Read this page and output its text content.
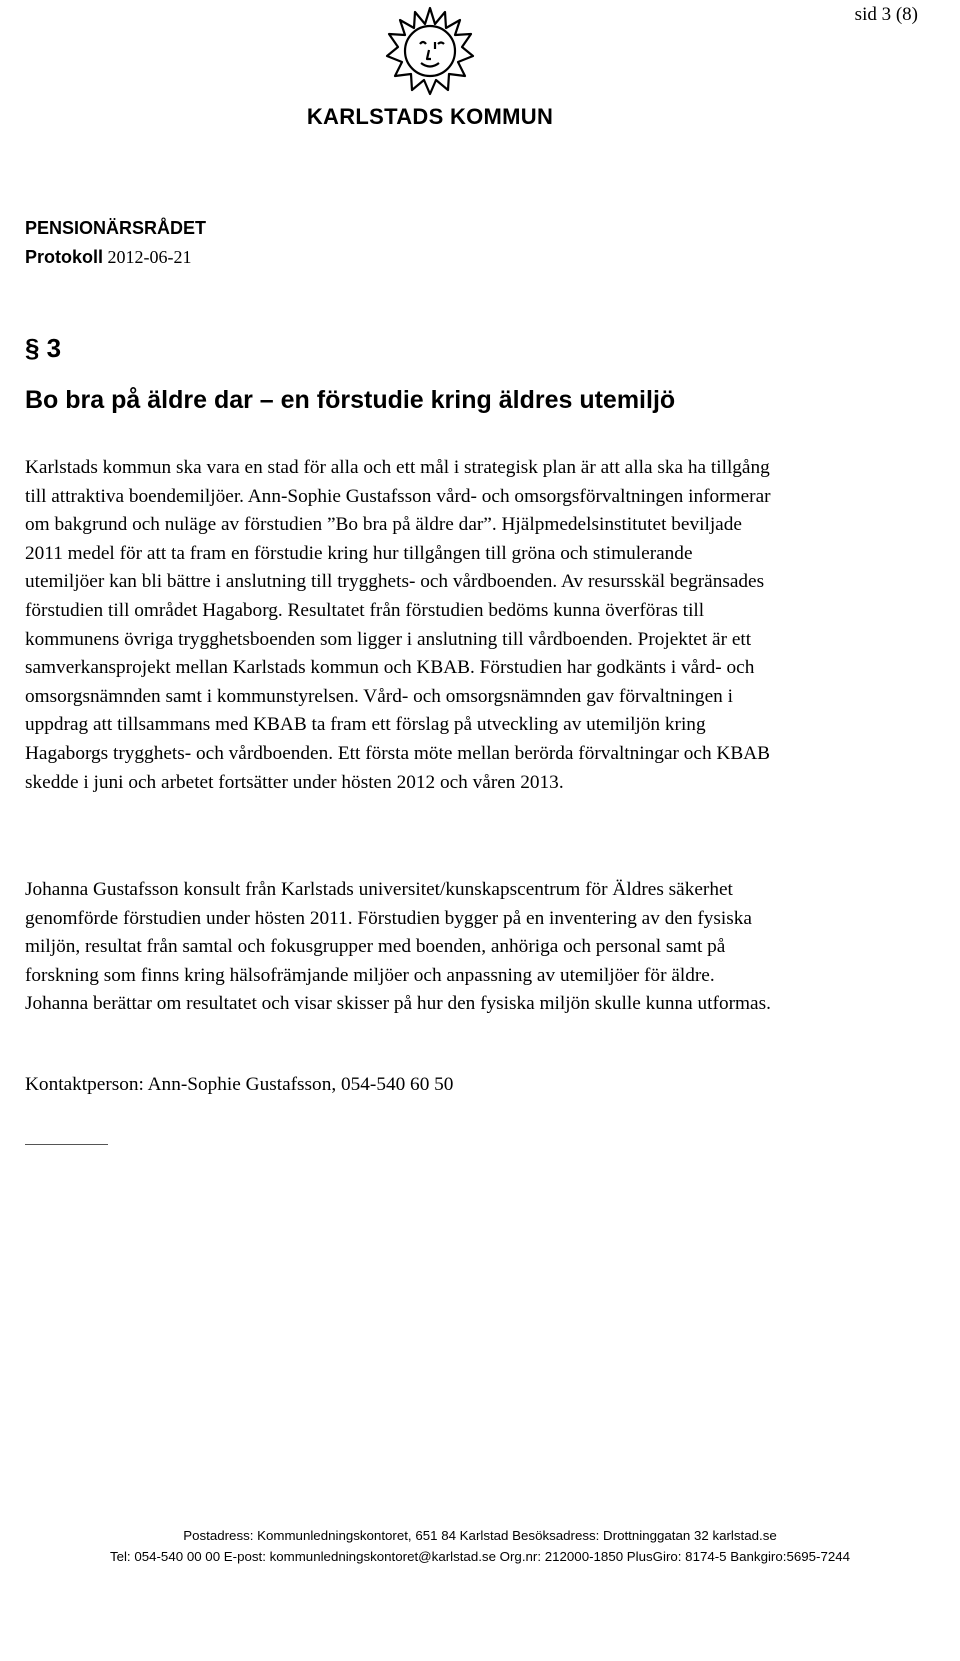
sid 3 (8)
KARLSTADS KOMMUN
PENSIONÄRSRÅDET
Protokoll 2012-06-21
§ 3
Bo bra på äldre dar – en förstudie kring äldres utemiljö

Karlstads kommun ska vara en stad för alla och ett mål i strategisk plan är att alla ska ha tillgång till attraktiva boendemiljöer. Ann-Sophie Gustafsson vård- och omsorgsförvaltningen informerar om bakgrund och nuläge av förstudien ”Bo bra på äldre dar”. Hjälpmedelsinstitutet beviljade 2011 medel för att ta fram en förstudie kring hur tillgången till gröna och stimulerande utemiljöer kan bli bättre i anslutning till trygghets- och vårdboenden. Av resursskäl begränsades förstudien till området Hagaborg. Resultatet från förstudien bedöms kunna överföras till kommunens övriga trygghetsboenden som ligger i anslutning till vårdboenden. Projektet är ett samverkansprojekt mellan Karlstads kommun och KBAB. Förstudien har godkänts i vård- och omsorgsnämnden samt i kommunstyrelsen. Vård- och omsorgsnämnden gav förvaltningen i uppdrag att tillsammans med KBAB ta fram ett förslag på utveckling av utemiljön kring Hagaborgs trygghets- och vårdboenden. Ett första möte mellan berörda förvaltningar och KBAB skedde i juni och arbetet fortsätter under hösten 2012 och våren 2013.

Johanna Gustafsson konsult från Karlstads universitet/kunskapscentrum för Äldres säkerhet genomförde förstudien under hösten 2011. Förstudien bygger på en inventering av den fysiska miljön, resultat från samtal och fokusgrupper med boenden, anhöriga och personal samt på forskning som finns kring hälsofrämjande miljöer och anpassning av utemiljöer för äldre. Johanna berättar om resultatet och visar skisser på hur den fysiska miljön skulle kunna utformas.

Kontaktperson: Ann-Sophie Gustafsson, 054-540 60 50
Postadress: Kommunledningskontoret, 651 84 Karlstad Besöksadress: Drottninggatan 32 karlstad.se
Tel: 054-540 00 00 E-post: kommunledningskontoret@karlstad.se Org.nr: 212000-1850 PlusGiro: 8174-5 Bankgiro:5695-7244
